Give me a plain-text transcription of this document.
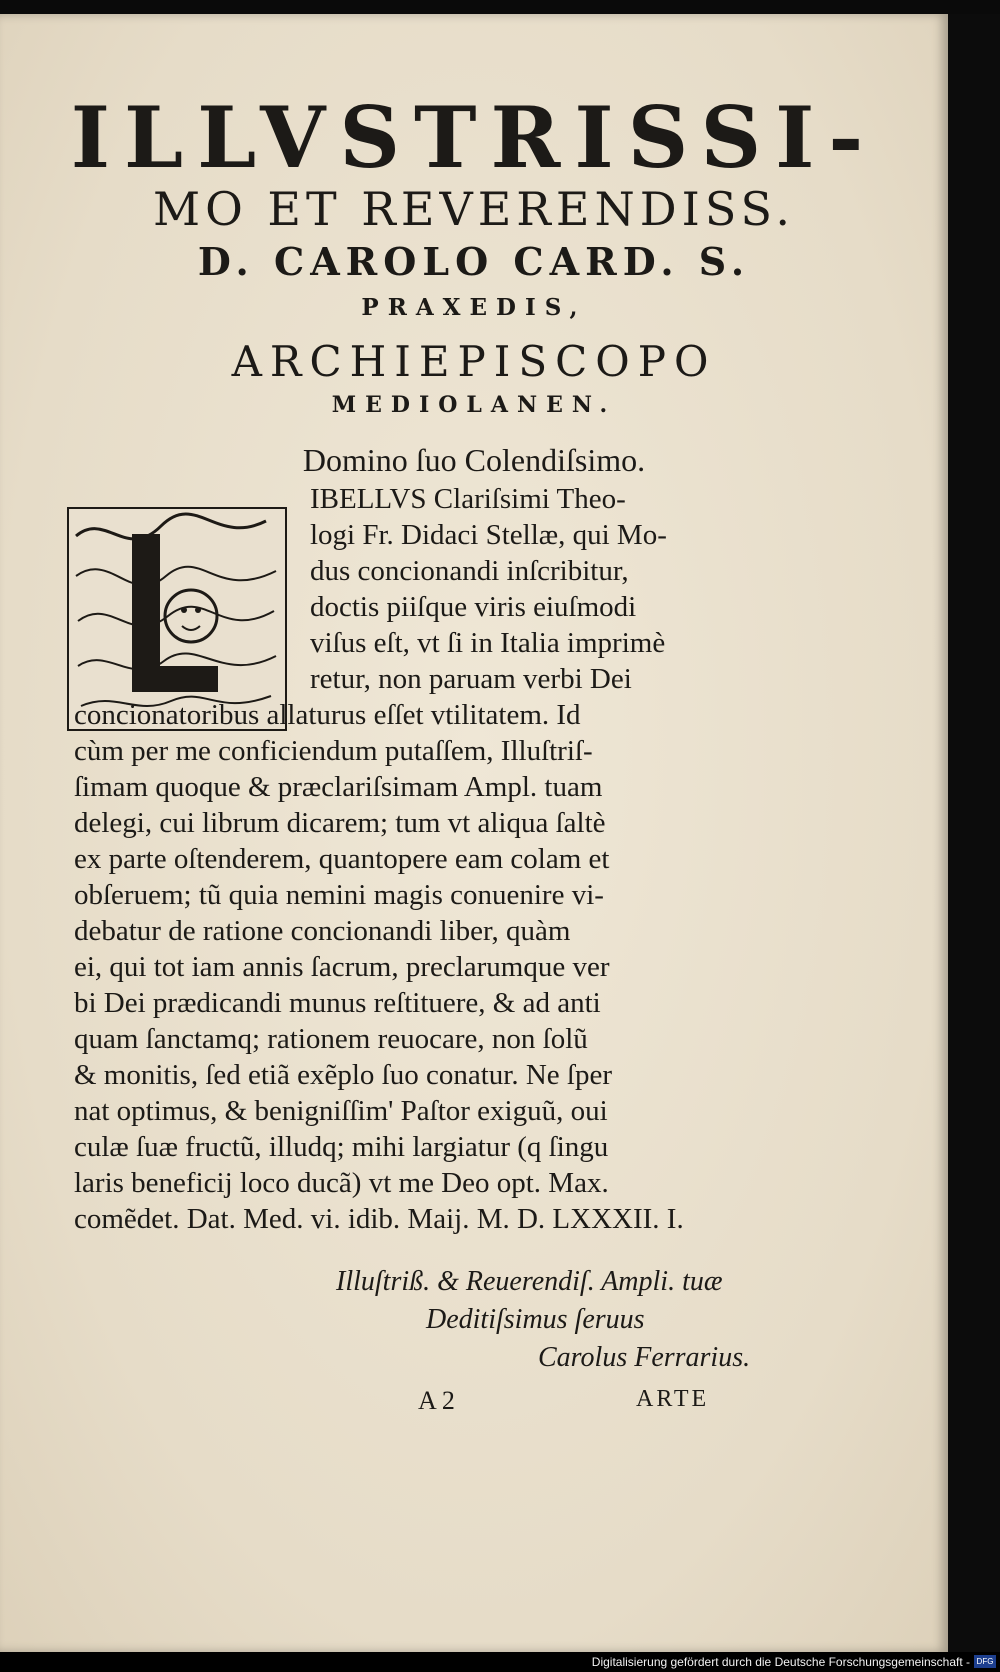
ILLVSTRISSI-
MO ET REVERENDISS.
D. CAROLO CARD. S.
PRAXEDIS,
ARCHIEPISCOPO
MEDIOLANEN.
Domino ſuo Colendiſsimo.
IBELLVS Clariſsimi Theo-
logi Fr. Didaci Stellæ, qui Mo-
dus concionandi inſcribitur,
doctis piiſque viris eiuſmodi
viſus eſt, vt ſi in Italia imprimè
retur, non paruam verbi Dei
concionatoribus allaturus eſſet vtilitatem. Id
cùm per me conficiendum putaſſem, Illuſtriſ-
ſimam quoque & præclariſsimam Ampl. tuam
delegi, cui librum dicarem; tum vt aliqua ſaltè
ex parte oſtenderem, quantopere eam colam et
obſeruem; tũ quia nemini magis conuenire vi-
debatur de ratione concionandi liber, quàm
ei, qui tot iam annis ſacrum, preclarumque ver
bi Dei prædicandi munus reſtituere, & ad anti
quam ſanctamq; rationem reuocare, non ſolũ
& monitis, ſed etiã exẽplo ſuo conatur. Ne ſper
nat optimus, & benigniſſim' Paſtor exiguũ, oui
culæ ſuæ fructũ, illudq; mihi largiatur (q ſingu
laris beneficij loco ducã) vt me Deo opt. Max.
comẽdet. Dat. Med. vi. idib. Maij. M. D. LXXXII. I.
Illuſtriß. & Reuerendiſ. Ampli. tuæ
Deditiſsimus ſeruus
Carolus Ferrarius.
A 2	ARTE
Digitalisierung gefördert durch die Deutsche Forschungsgemeinschaft - DFG
